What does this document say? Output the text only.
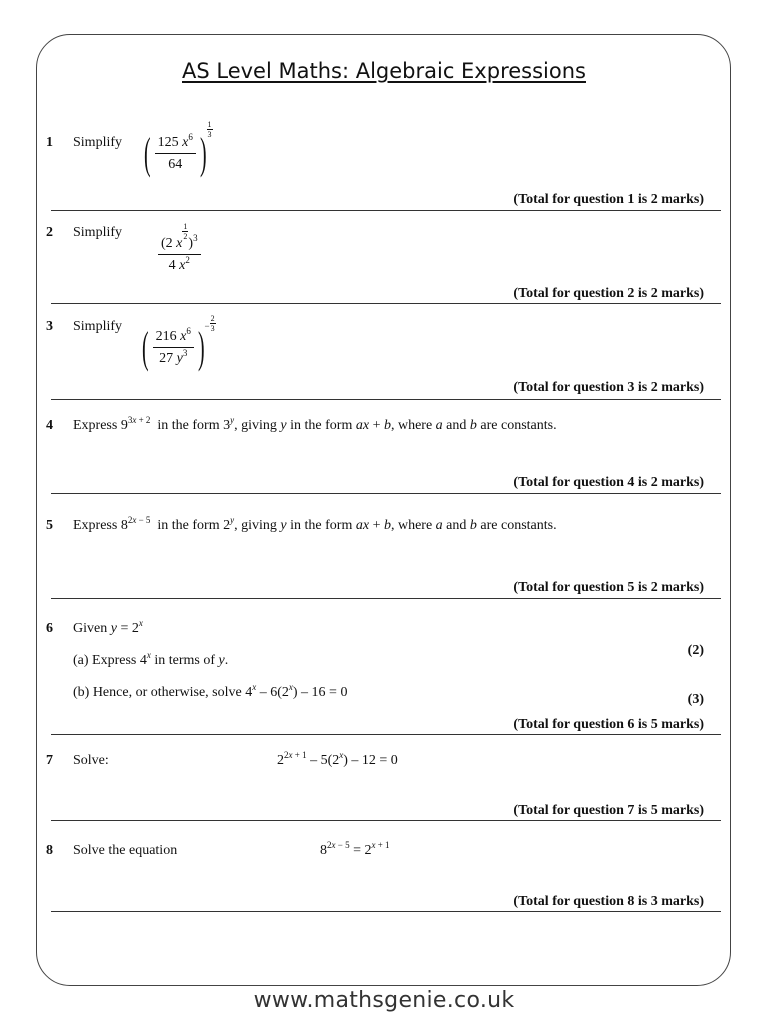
AS Level Maths: Algebraic Expressions
1 Simplify ( $\frac{125 x^6}{64}$ ) $\frac{1}{3}$
(Total for question 1 is 2 marks)
2 Simplify	(2 x
$\frac{1}{2}$
)$^3$
4 $x^2$
(Total for question 2 is 2 marks)
3 Simplify ( $\frac{216 x^6}{27 y^3} )^- \frac{2}{3}$
(Total for question 3 is 2 marks)
4 Express $9^{3x + 2}$  in the form 3$^y$, giving y in the form ax + b, where a and b are constants.
(Total for question 4 is 2 marks)
5 Express $8^{2x - 5}$  in the form 2$^y$, giving y in the form ax + b, where a and b are constants.
(Total for question 5 is 2 marks)
6 Given $y = 2^x$
(a) Express 4$^x$ in terms of y.
(2)
(b) Hence, or otherwise, solve 4$^x$ – 6(2$^x$) – 16 = 0	(3)
(Total for question 6 is 5 marks)
7 Solve:	$2^{2x + 1} - 5(2^x) - 12 = 0$
(Total for question 7 is 5 marks)
8 Solve the equation	$8^{2x - 5} = 2^{x + 1}$
(Total for question 8 is 3 marks)
www.mathsgenie.co.uk
